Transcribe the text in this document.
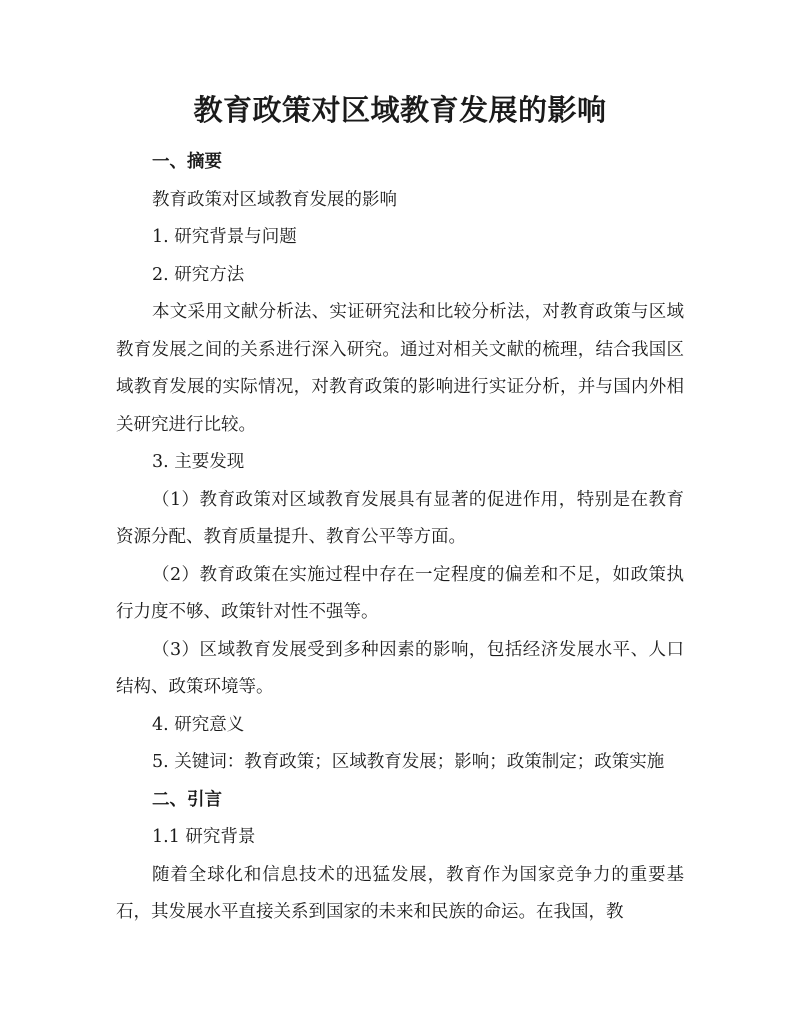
教育政策对区域教育发展的影响

一、摘要

教育政策对区域教育发展的影响

1. 研究背景与问题

2. 研究方法

本文采用文献分析法、实证研究法和比较分析法，对教育政策与区域教育发展之间的关系进行深入研究。通过对相关文献的梳理，结合我国区域教育发展的实际情况，对教育政策的影响进行实证分析，并与国内外相关研究进行比较。

3. 主要发现

（1）教育政策对区域教育发展具有显著的促进作用，特别是在教育资源分配、教育质量提升、教育公平等方面。

（2）教育政策在实施过程中存在一定程度的偏差和不足，如政策执行力度不够、政策针对性不强等。

（3）区域教育发展受到多种因素的影响，包括经济发展水平、人口结构、政策环境等。

4. 研究意义

5. 关键词：教育政策；区域教育发展；影响；政策制定；政策实施

二、引言

1.1 研究背景

随着全球化和信息技术的迅猛发展，教育作为国家竞争力的重要基石，其发展水平直接关系到国家的未来和民族的命运。在我国，教
